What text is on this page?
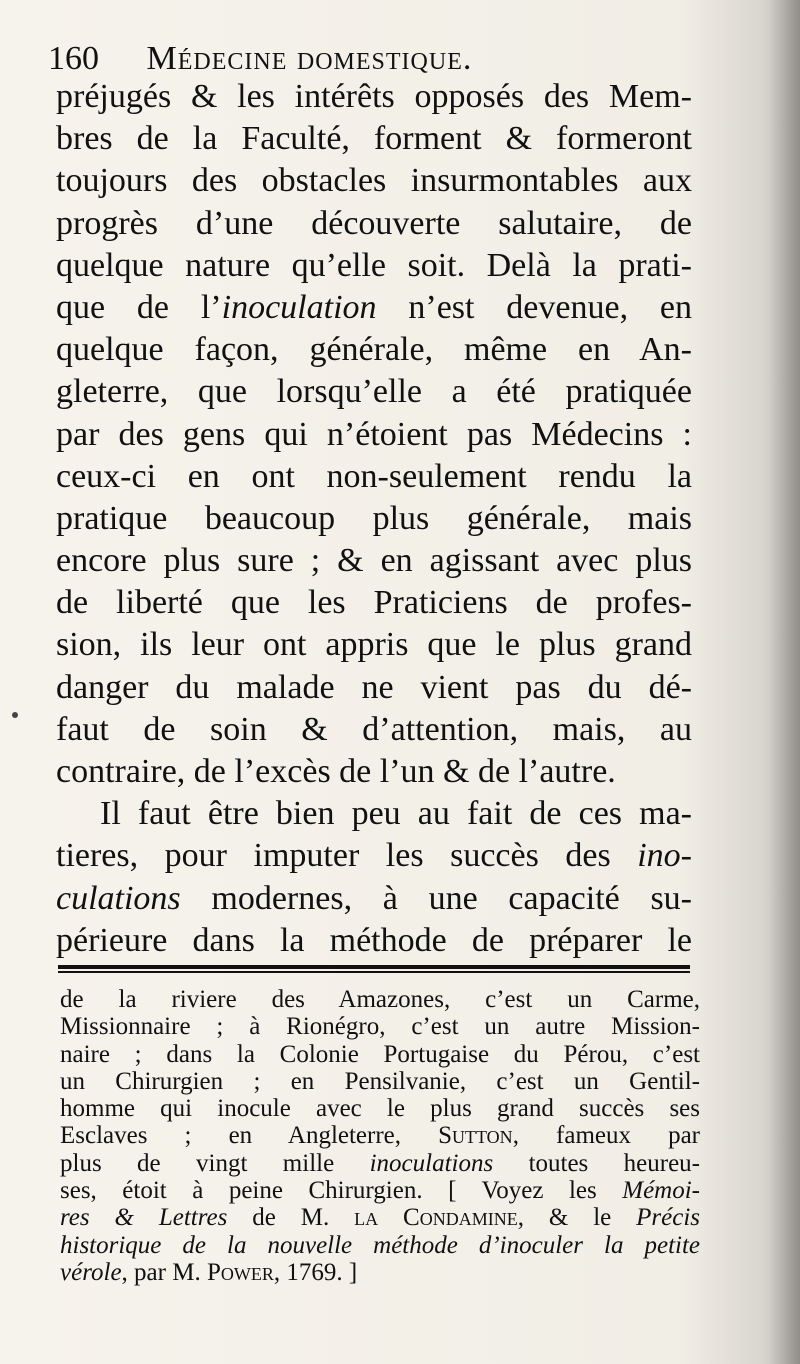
160 Médecine domestique.
préjugés & les intérêts opposés des Mem-
bres de la Faculté, forment & formeront
toujours des obstacles insurmontables aux
progrès d’une découverte salutaire, de
quelque nature qu’elle soit. Delà la prati-
que de l’inoculation n’est devenue, en
quelque façon, générale, même en An-
gleterre, que lorsqu’elle a été pratiquée
par des gens qui n’étoient pas Médecins :
ceux-ci en ont non-seulement rendu la
pratique beaucoup plus générale, mais
encore plus sure ; & en agissant avec plus
de liberté que les Praticiens de profes-
sion, ils leur ont appris que le plus grand
danger du malade ne vient pas du dé-
faut de soin & d’attention, mais, au
contraire, de l’excès de l’un & de l’autre.
Il faut être bien peu au fait de ces ma-
tieres, pour imputer les succès des ino-
culations modernes, à une capacité su-
périeure dans la méthode de préparer le
de la riviere des Amazones, c’est un Carme,
Missionnaire ; à Rionégro, c’est un autre Mission-
naire ; dans la Colonie Portugaise du Pérou, c’est
un Chirurgien ; en Pensilvanie, c’est un Gentil-
homme qui inocule avec le plus grand succès ses
Esclaves ; en Angleterre, Sutton, fameux par
plus de vingt mille inoculations toutes heureu-
ses, étoit à peine Chirurgien. [ Voyez les Mémoi-
res & Lettres de M. la Condamine, & le Précis
historique de la nouvelle méthode d’inoculer la petite
vérole, par M. Power, 1769. ]
